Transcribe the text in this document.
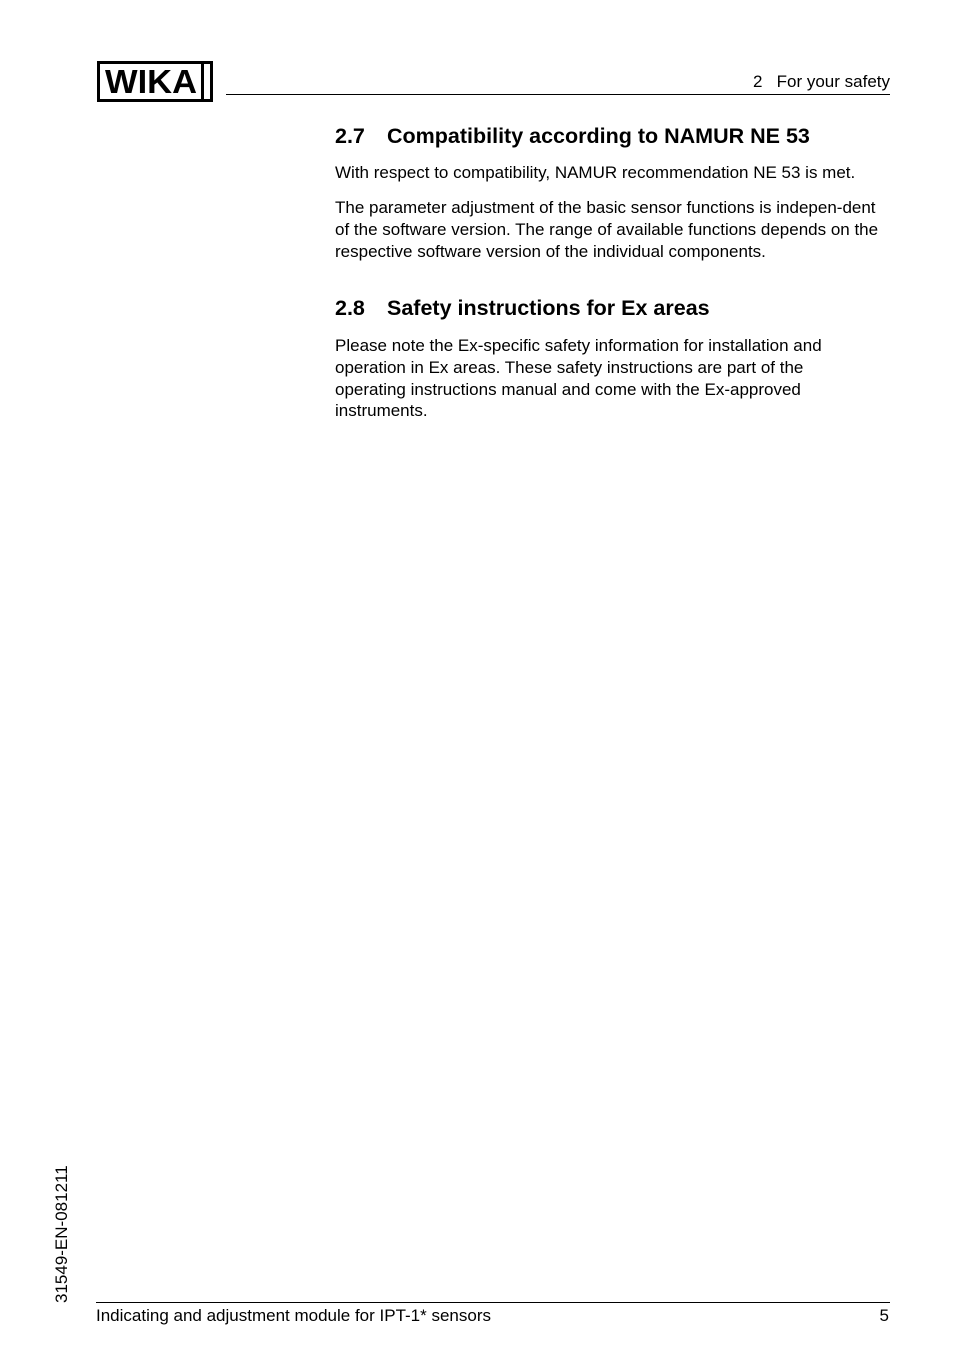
WIKA	2   For your safety
2.7 Compatibility according to NAMUR NE 53

With respect to compatibility, NAMUR recommendation NE 53 is met.

The parameter adjustment of the basic sensor functions is indepen-dent of the software version. The range of available functions depends on the respective software version of the individual components.

2.8 Safety instructions for Ex areas

Please note the Ex-specific safety information for installation and operation in Ex areas. These safety instructions are part of the operating instructions manual and come with the Ex-approved instruments.

31549-EN-081211
Indicating and adjustment module for IPT-1* sensors	5
